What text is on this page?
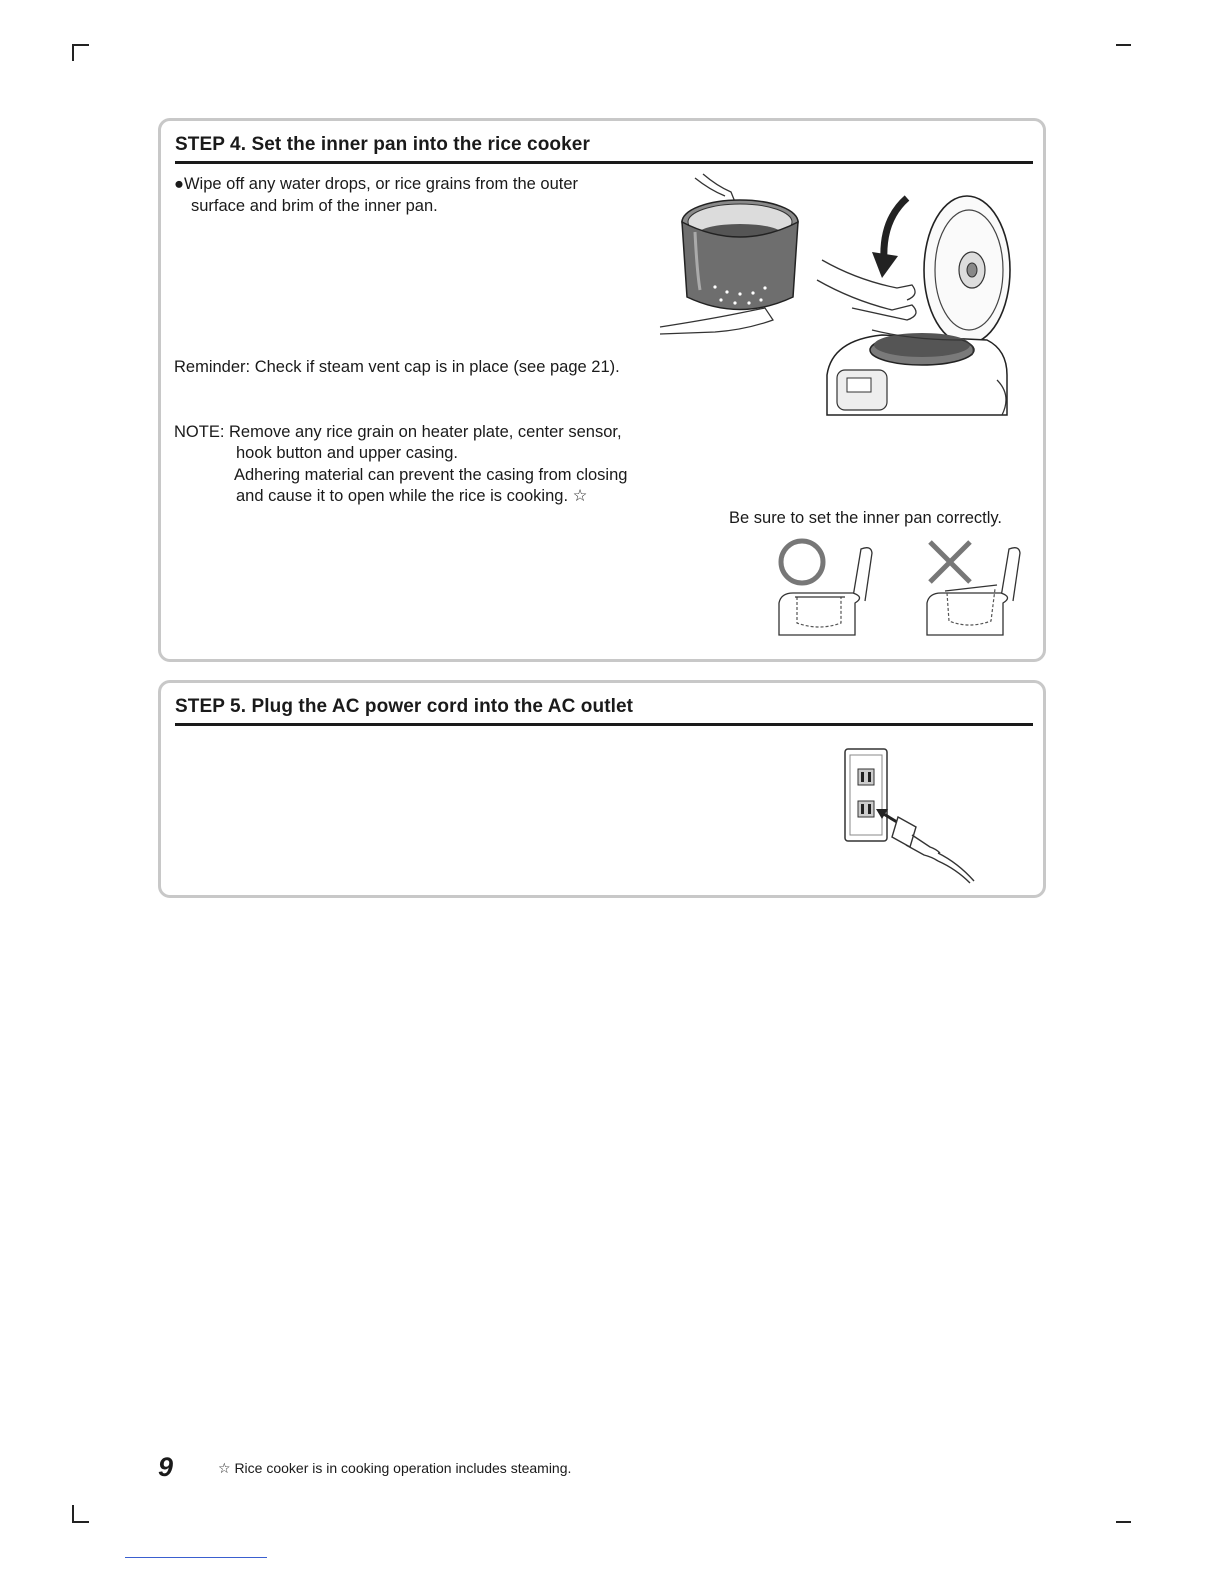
STEP 4. Set the inner pan into the rice cooker
●Wipe off any water drops, or rice grains from the outer
surface and brim of the inner pan.
Reminder: Check if steam vent cap is in place (see page 21).
NOTE: Remove any rice grain on heater plate, center sensor,
hook button and upper casing.
Adhering material can prevent the casing from closing
and cause it to open while the rice is cooking. ☆
Be sure to set the inner pan correctly.
STEP 5. Plug the AC power cord into the AC outlet
9	☆ Rice cooker is in cooking operation includes steaming.
